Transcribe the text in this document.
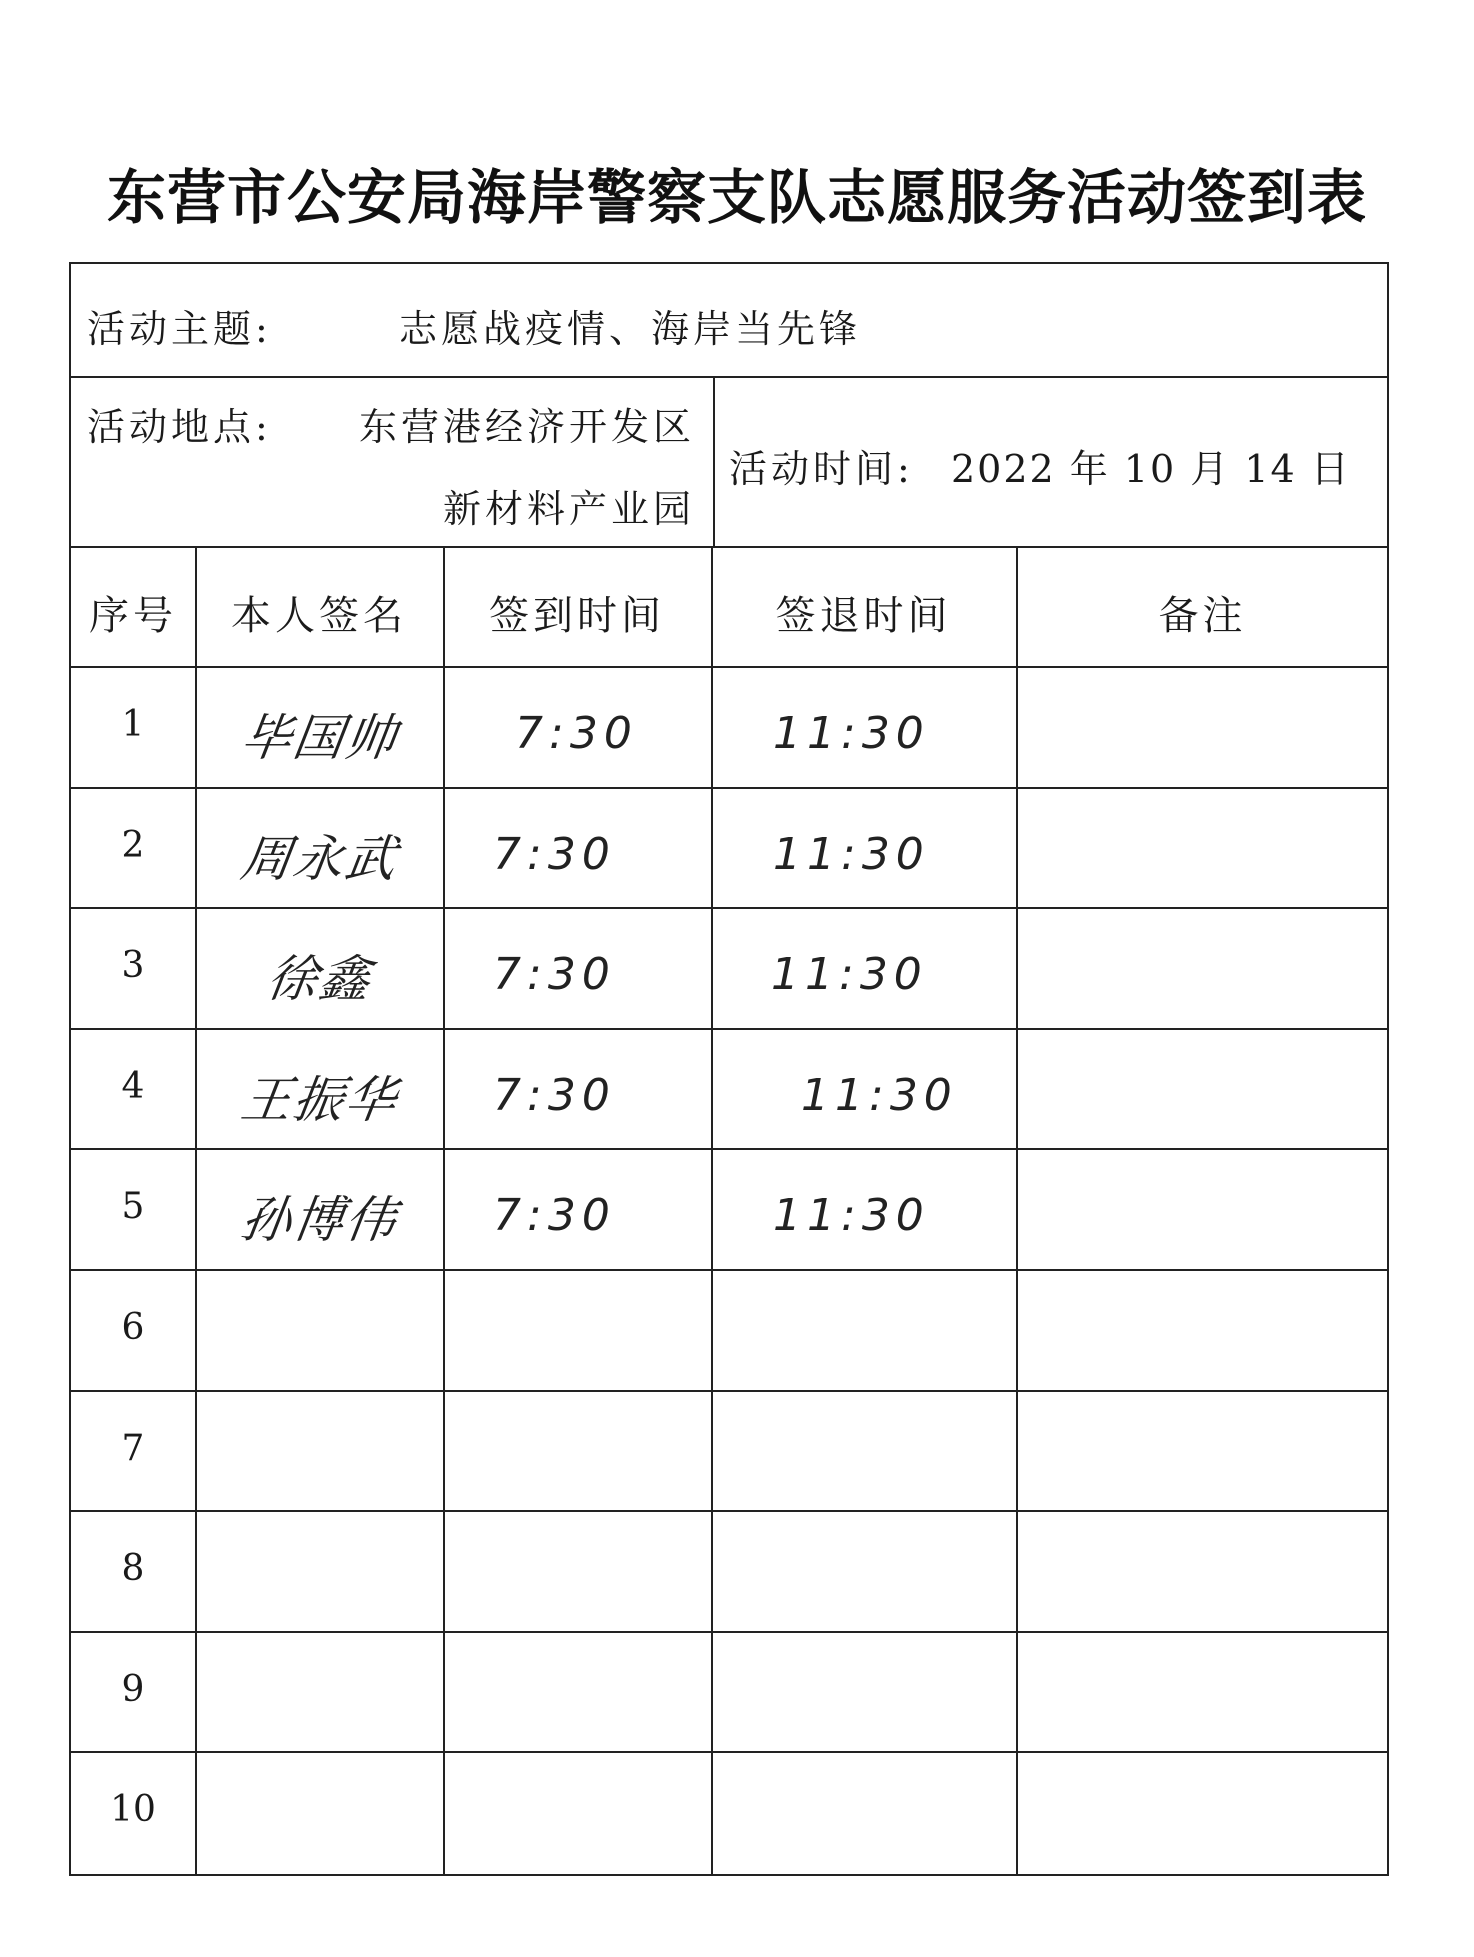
东营市公安局海岸警察支队志愿服务活动签到表
活动主题:	志愿战疫情、海岸当先锋
活动地点: 东营港经济开发区
新材料产业园
活动时间: 2022 年 10 月 14 日
序号	本人签名	签到时间	签退时间	备注
1	毕国帅	7:30	11:30
2	周永武	7:30	11:30
3	徐鑫	7:30	11:30
4	王振华	7:30	11:30
5	孙博伟	7:30	11:30
6
7
8
9
10
